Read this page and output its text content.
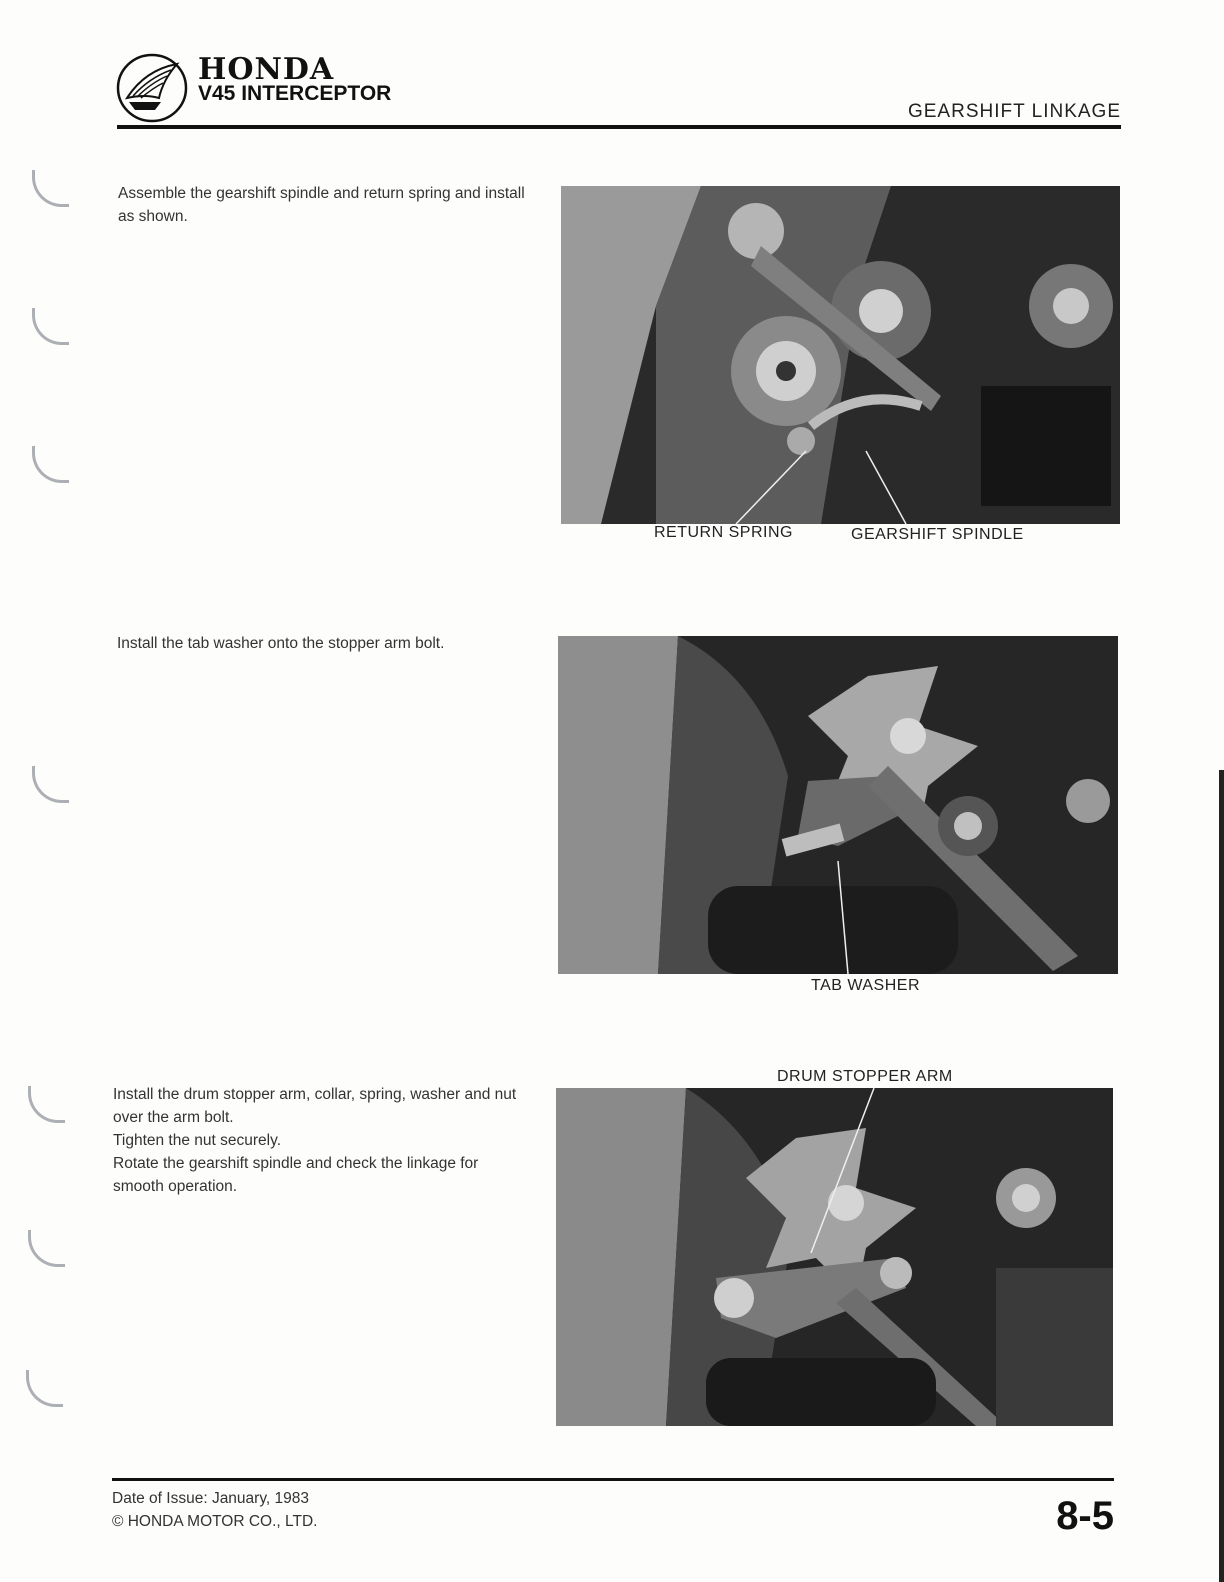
HONDA
V45 INTERCEPTOR
GEARSHIFT LINKAGE

Assemble the gearshift spindle and return spring and install as shown.

RETURN SPRING	GEARSHIFT SPINDLE

Install the tab washer onto the stopper arm bolt.

TAB WASHER
DRUM STOPPER ARM

Install the drum stopper arm, collar, spring, washer and nut over the arm bolt.

Tighten the nut securely.

Rotate the gearshift spindle and check the linkage for smooth operation.

Date of Issue: January, 1983
© HONDA MOTOR CO., LTD.	8-5
